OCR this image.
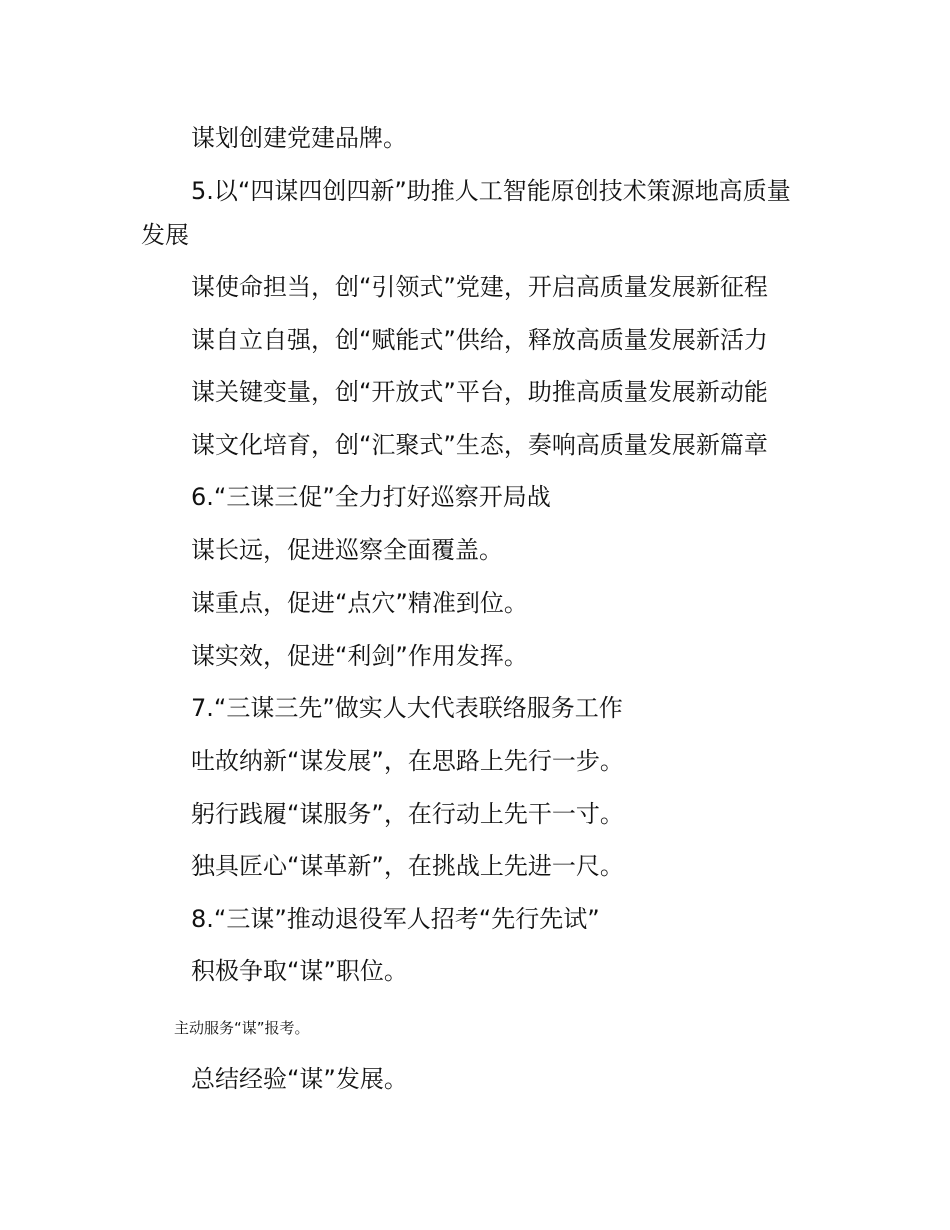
谋划创建党建品牌。
5.以“四谋四创四新”助推人工智能原创技术策源地高质量
发展
谋使命担当，创“引领式”党建，开启高质量发展新征程
谋自立自强，创“赋能式”供给，释放高质量发展新活力
谋关键变量，创“开放式”平台，助推高质量发展新动能
谋文化培育，创“汇聚式”生态，奏响高质量发展新篇章
6.“三谋三促”全力打好巡察开局战
谋长远，促进巡察全面覆盖。
谋重点，促进“点穴”精准到位。
谋实效，促进“利剑”作用发挥。
7.“三谋三先”做实人大代表联络服务工作
吐故纳新“谋发展”，在思路上先行一步。
躬行践履“谋服务”，在行动上先干一寸。
独具匠心“谋革新”，在挑战上先进一尺。
8.“三谋”推动退役军人招考“先行先试”
积极争取“谋”职位。
主动服务“谋”报考。
总结经验“谋”发展。
